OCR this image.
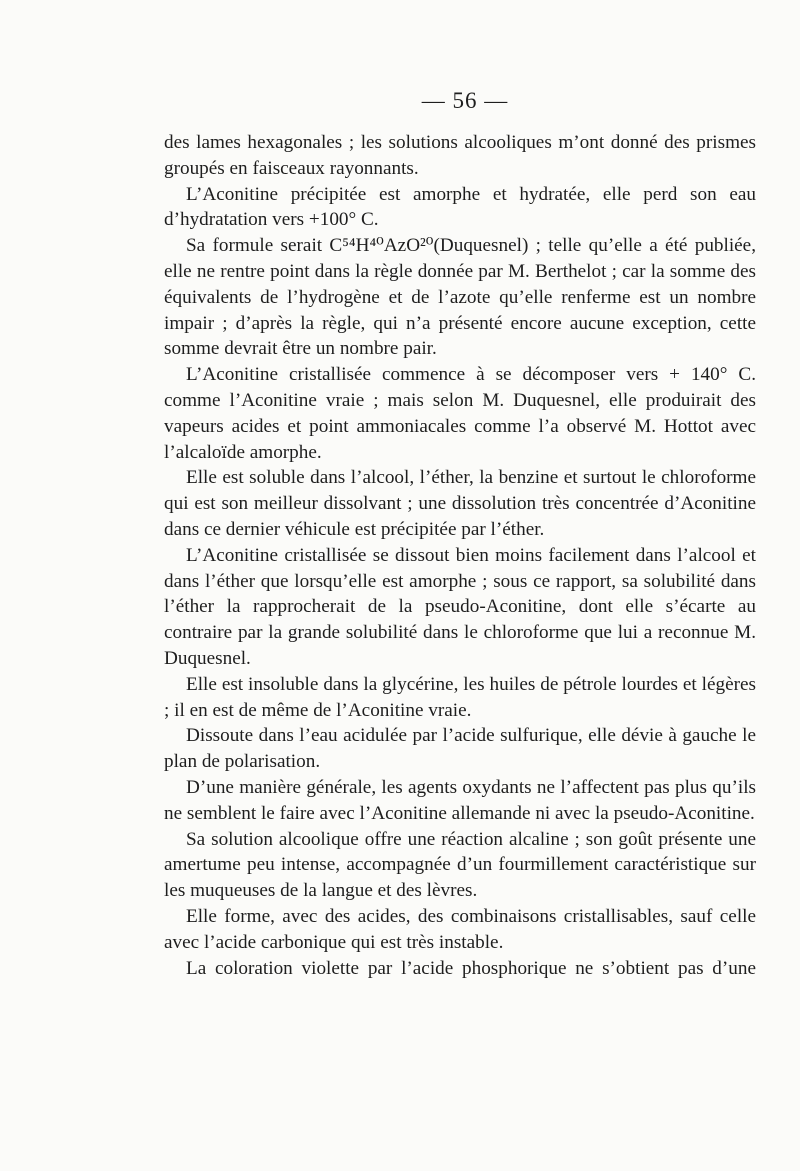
— 56 —

des lames hexagonales ; les solutions alcooliques m’ont donné des prismes groupés en faisceaux rayonnants.

L’Aconitine précipitée est amorphe et hydratée, elle perd son eau d’hydratation vers +100° C.

Sa formule serait C⁵⁴H⁴⁰AzO²⁰(Duquesnel) ; telle qu’elle a été publiée, elle ne rentre point dans la règle donnée par M. Berthelot ; car la somme des équivalents de l’hydrogène et de l’azote qu’elle renferme est un nombre impair ; d’après la règle, qui n’a présenté encore aucune exception, cette somme devrait être un nombre pair.

L’Aconitine cristallisée commence à se décomposer vers + 140° C. comme l’Aconitine vraie ; mais selon M. Duquesnel, elle produirait des vapeurs acides et point ammoniacales comme l’a observé M. Hottot avec l’alcaloïde amorphe.

Elle est soluble dans l’alcool, l’éther, la benzine et surtout le chloroforme qui est son meilleur dissolvant ; une dissolution très concentrée d’Aconitine dans ce dernier véhicule est précipitée par l’éther.

L’Aconitine cristallisée se dissout bien moins facilement dans l’alcool et dans l’éther que lorsqu’elle est amorphe ; sous ce rapport, sa solubilité dans l’éther la rapprocherait de la pseudo-Aconitine, dont elle s’écarte au contraire par la grande solubilité dans le chloroforme que lui a reconnue M. Duquesnel.

Elle est insoluble dans la glycérine, les huiles de pétrole lourdes et légères ; il en est de même de l’Aconitine vraie.

Dissoute dans l’eau acidulée par l’acide sulfurique, elle dévie à gauche le plan de polarisation.

D’une manière générale, les agents oxydants ne l’affectent pas plus qu’ils ne semblent le faire avec l’Aconitine allemande ni avec la pseudo-Aconitine.

Sa solution alcoolique offre une réaction alcaline ; son goût présente une amertume peu intense, accompagnée d’un fourmillement caractéristique sur les muqueuses de la langue et des lèvres.

Elle forme, avec des acides, des combinaisons cristallisables, sauf celle avec l’acide carbonique qui est très instable.

La coloration violette par l’acide phosphorique ne s’obtient pas d’une
